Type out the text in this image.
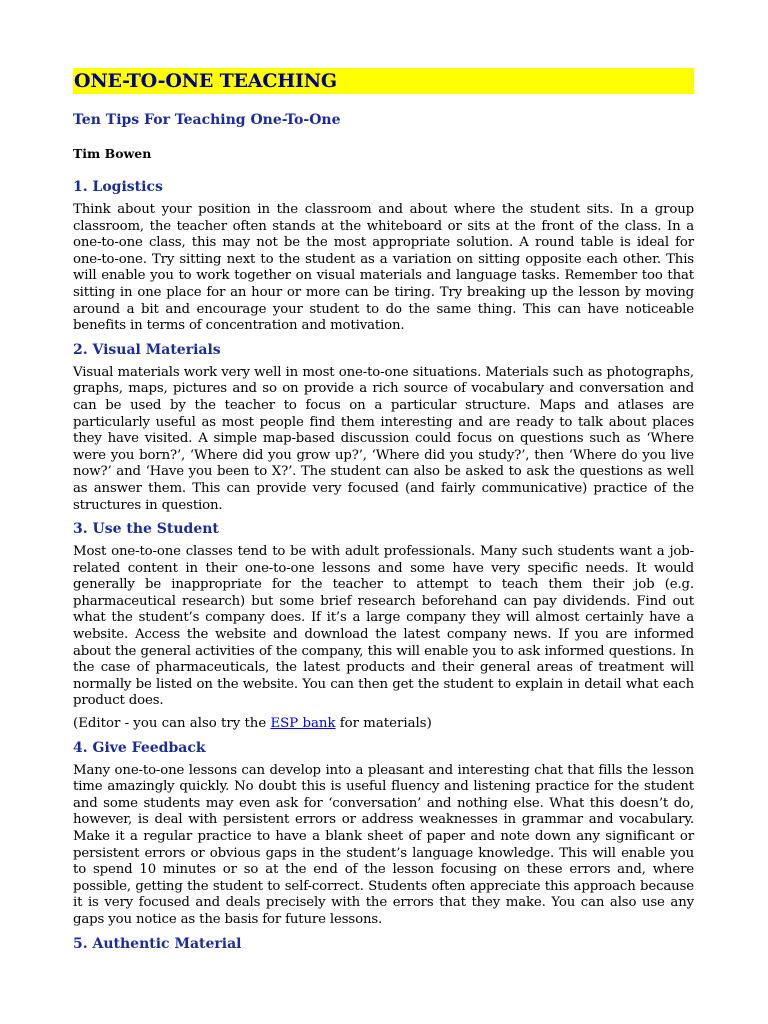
ONE-TO-ONE TEACHING

Ten Tips For Teaching One-To-One

Tim Bowen

1. Logistics

Think about your position in the classroom and about where the student sits. In a group classroom, the teacher often stands at the whiteboard or sits at the front of the class. In a one-to-one class, this may not be the most appropriate solution. A round table is ideal for one-to-one. Try sitting next to the student as a variation on sitting opposite each other. This will enable you to work together on visual materials and language tasks. Remember too that sitting in one place for an hour or more can be tiring. Try breaking up the lesson by moving around a bit and encourage your student to do the same thing. This can have noticeable benefits in terms of concentration and motivation.

2. Visual Materials

Visual materials work very well in most one-to-one situations. Materials such as photographs, graphs, maps, pictures and so on provide a rich source of vocabulary and conversation and can be used by the teacher to focus on a particular structure. Maps and atlases are particularly useful as most people find them interesting and are ready to talk about places they have visited. A simple map-based discussion could focus on questions such as ‘Where were you born?’, ‘Where did you grow up?’, ‘Where did you study?’, then ‘Where do you live now?’ and ‘Have you been to X?’. The student can also be asked to ask the questions as well as answer them. This can provide very focused (and fairly communicative) practice of the structures in question.

3. Use the Student

Most one-to-one classes tend to be with adult professionals. Many such students want a job-related content in their one-to-one lessons and some have very specific needs. It would generally be inappropriate for the teacher to attempt to teach them their job (e.g. pharmaceutical research) but some brief research beforehand can pay dividends. Find out what the student’s company does. If it’s a large company they will almost certainly have a website. Access the website and download the latest company news. If you are informed about the general activities of the company, this will enable you to ask informed questions. In the case of pharmaceuticals, the latest products and their general areas of treatment will normally be listed on the website. You can then get the student to explain in detail what each product does.

(Editor - you can also try the ESP bank for materials)

4. Give Feedback

Many one-to-one lessons can develop into a pleasant and interesting chat that fills the lesson time amazingly quickly. No doubt this is useful fluency and listening practice for the student and some students may even ask for ‘conversation’ and nothing else. What this doesn’t do, however, is deal with persistent errors or address weaknesses in grammar and vocabulary. Make it a regular practice to have a blank sheet of paper and note down any significant or persistent errors or obvious gaps in the student’s language knowledge. This will enable you to spend 10 minutes or so at the end of the lesson focusing on these errors and, where possible, getting the student to self-correct. Students often appreciate this approach because it is very focused and deals precisely with the errors that they make. You can also use any gaps you notice as the basis for future lessons.

5. Authentic Material
